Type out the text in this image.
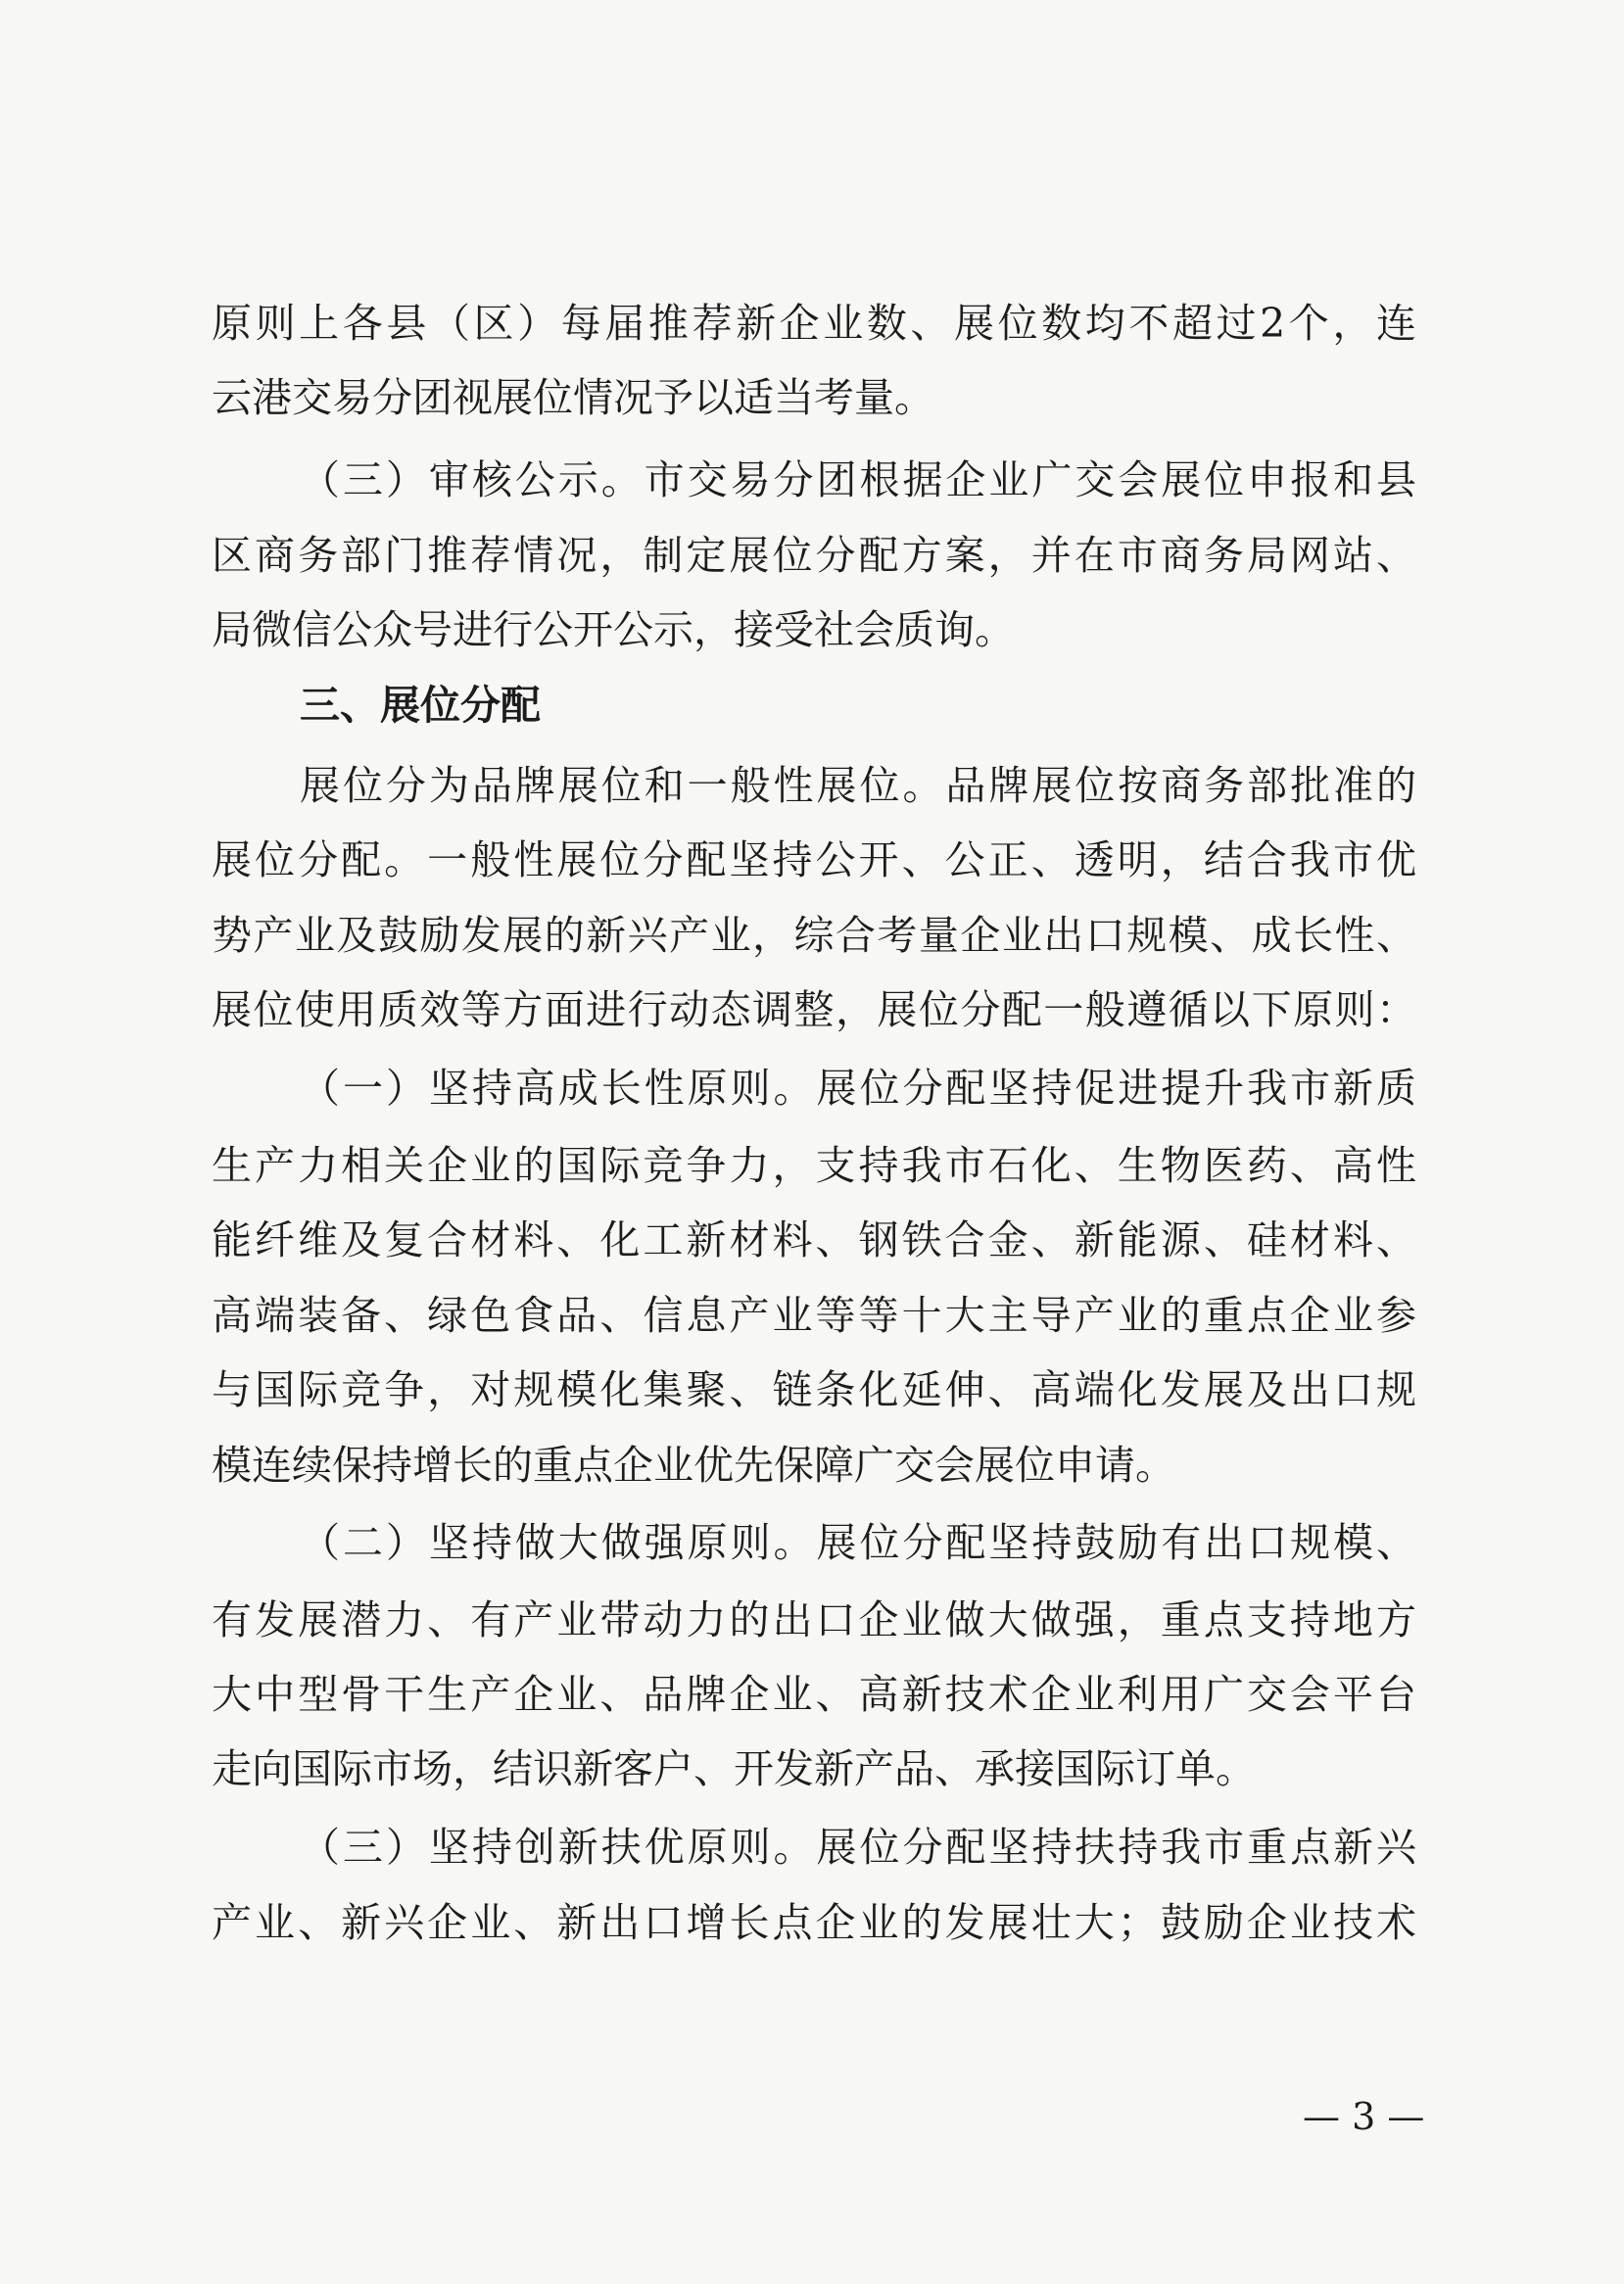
原则上各县（区）每届推荐新企业数、展位数均不超过2个，连
云港交易分团视展位情况予以适当考量。
（三）审核公示。市交易分团根据企业广交会展位申报和县
区商务部门推荐情况，制定展位分配方案，并在市商务局网站、
局微信公众号进行公开公示，接受社会质询。
三、展位分配
展位分为品牌展位和一般性展位。品牌展位按商务部批准的
展位分配。一般性展位分配坚持公开、公正、透明，结合我市优
势产业及鼓励发展的新兴产业，综合考量企业出口规模、成长性、
展位使用质效等方面进行动态调整，展位分配一般遵循以下原则：
（一）坚持高成长性原则。展位分配坚持促进提升我市新质
生产力相关企业的国际竞争力，支持我市石化、生物医药、高性
能纤维及复合材料、化工新材料、钢铁合金、新能源、硅材料、
高端装备、绿色食品、信息产业等等十大主导产业的重点企业参
与国际竞争，对规模化集聚、链条化延伸、高端化发展及出口规
模连续保持增长的重点企业优先保障广交会展位申请。
（二）坚持做大做强原则。展位分配坚持鼓励有出口规模、
有发展潜力、有产业带动力的出口企业做大做强，重点支持地方
大中型骨干生产企业、品牌企业、高新技术企业利用广交会平台
走向国际市场，结识新客户、开发新产品、承接国际订单。
（三）坚持创新扶优原则。展位分配坚持扶持我市重点新兴
产业、新兴企业、新出口增长点企业的发展壮大；鼓励企业技术
— 3 —
